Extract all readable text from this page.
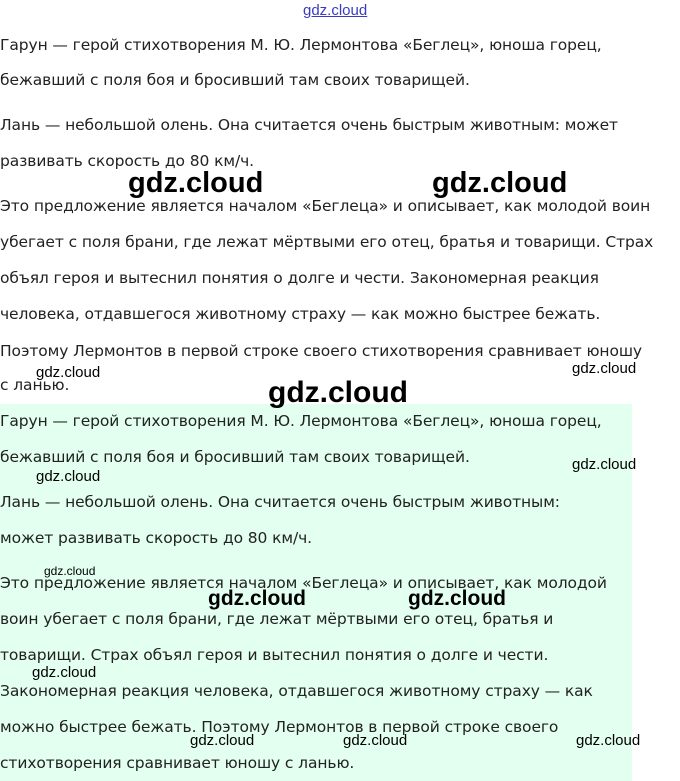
gdz.cloud
Гарун — герой стихотворения М. Ю. Лермонтова «Беглец», юноша горец,
бежавший с поля боя и бросивший там своих товарищей.
Лань — небольшой олень. Она считается очень быстрым животным: может
развивать скорость до 80 км/ч.
Это предложение является началом «Беглеца» и описывает, как молодой воин
убегает с поля брани, где лежат мёртвыми его отец, братья и товарищи. Страх
объял героя и вытеснил понятия о долге и чести. Закономерная реакция
человека, отдавшегося животному страху — как можно быстрее бежать.
Поэтому Лермонтов в первой строке своего стихотворения сравнивает юношу
с ланью.
Гарун — герой стихотворения М. Ю. Лермонтова «Беглец», юноша горец,
бежавший с поля боя и бросивший там своих товарищей.
Лань — небольшой олень. Она считается очень быстрым животным:
может развивать скорость до 80 км/ч.
Это предложение является началом «Беглеца» и описывает, как молодой
воин убегает с поля брани, где лежат мёртвыми его отец, братья и
товарищи. Страх объял героя и вытеснил понятия о долге и чести.
Закономерная реакция человека, отдавшегося животному страху — как
можно быстрее бежать. Поэтому Лермонтов в первой строке своего
стихотворения сравнивает юношу с ланью.
gdz.cloud	gdz.cloud
gdz.cloud	gdz.cloud
gdz.cloud
gdz.cloud
gdz.cloud
gdz.cloud
gdz.cloud	gdz.cloud
gdz.cloud
gdz.cloud	gdz.cloud	gdz.cloud
